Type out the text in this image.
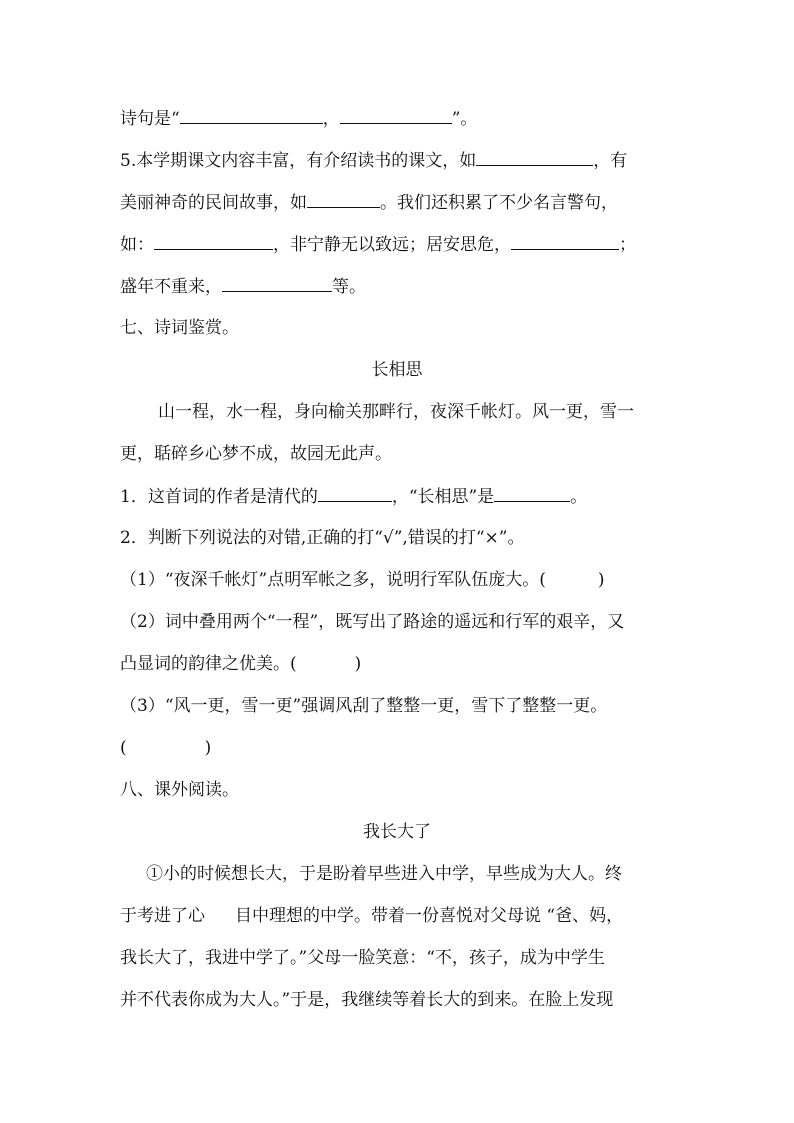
诗句是“	，	”。
5.本学期课文内容丰富，有介绍读书的课文，如	，有
美丽神奇的民间故事，如	。我们还积累了不少名言警句，
如：	，非宁静无以致远；居安思危，	；
盛年不重来，	等。
七、诗词鉴赏。
长相思
山一程，水一程，身向榆关那畔行，夜深千帐灯。风一更，雪一
更，聒碎乡心梦不成，故园无此声。
1．这首词的作者是清代的	，“长相思”是	。
2．判断下列说法的对错,正确的打“√”,错误的打“×”。
（1）“夜深千帐灯”点明军帐之多，说明行军队伍庞大。(	)
（2）词中叠用两个“一程”，既写出了路途的遥远和行军的艰辛，又
凸显词的韵律之优美。(	)
（3）“风一更，雪一更”强调风刮了整整一更，雪下了整整一更。
(	)
八、课外阅读。
我长大了
①小的时候想长大，于是盼着早些进入中学，早些成为大人。终
于考进了心 目中理想的中学。带着一份喜悦对父母说 “爸、妈，
我长大了，我进中学了。”父母一脸笑意：“不，孩子，成为中学生
并不代表你成为大人。”于是，我继续等着长大的到来。在脸上发现
